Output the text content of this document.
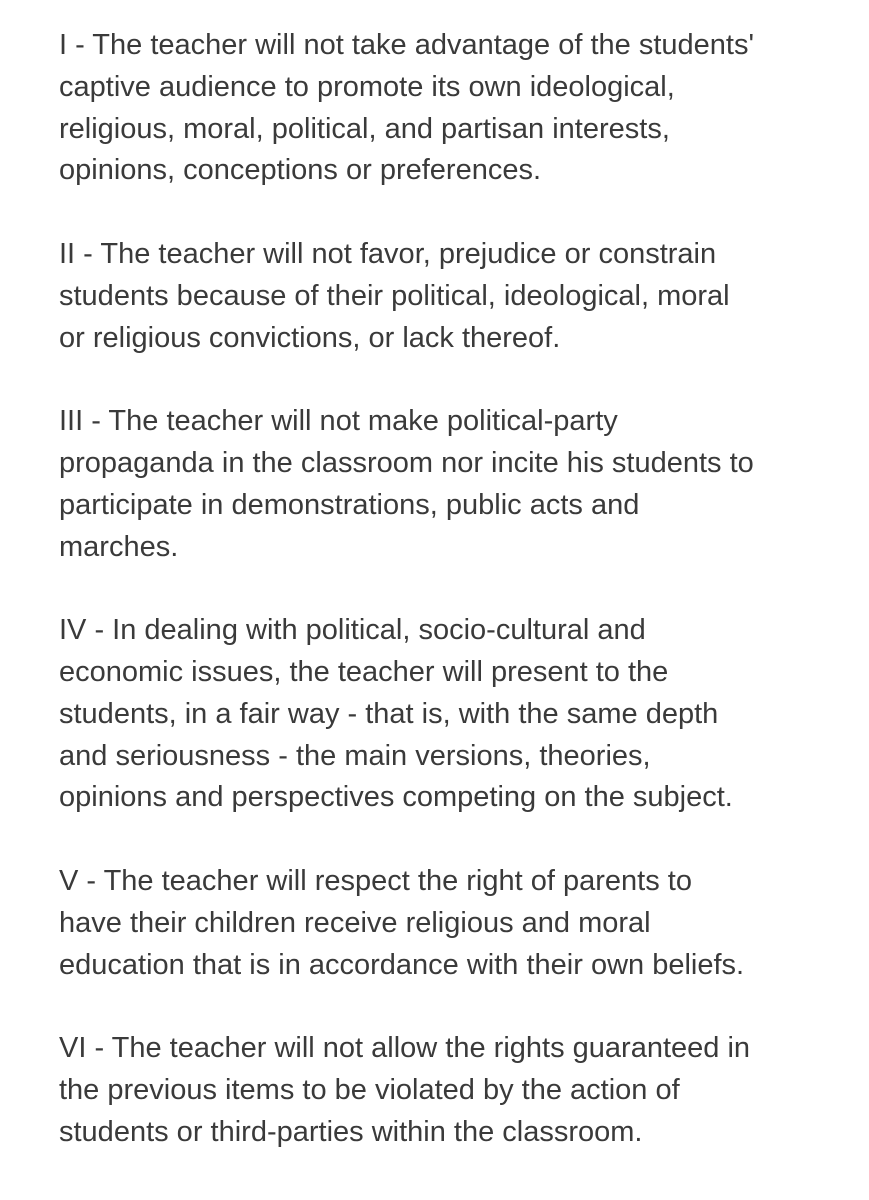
I - The teacher will not take advantage of the students'
captive audience to promote its own ideological,
religious, moral, political, and partisan interests,
opinions, conceptions or preferences.

II - The teacher will not favor, prejudice or constrain
students because of their political, ideological, moral
or religious convictions, or lack thereof.

III - The teacher will not make political-party
propaganda in the classroom nor incite his students to
participate in demonstrations, public acts and
marches.

IV - In dealing with political, socio-cultural and
economic issues, the teacher will present to the
students, in a fair way - that is, with the same depth
and seriousness - the main versions, theories,
opinions and perspectives competing on the subject.

V - The teacher will respect the right of parents to
have their children receive religious and moral
education that is in accordance with their own beliefs.

VI - The teacher will not allow the rights guaranteed in
the previous items to be violated by the action of
students or third-parties within the classroom.
